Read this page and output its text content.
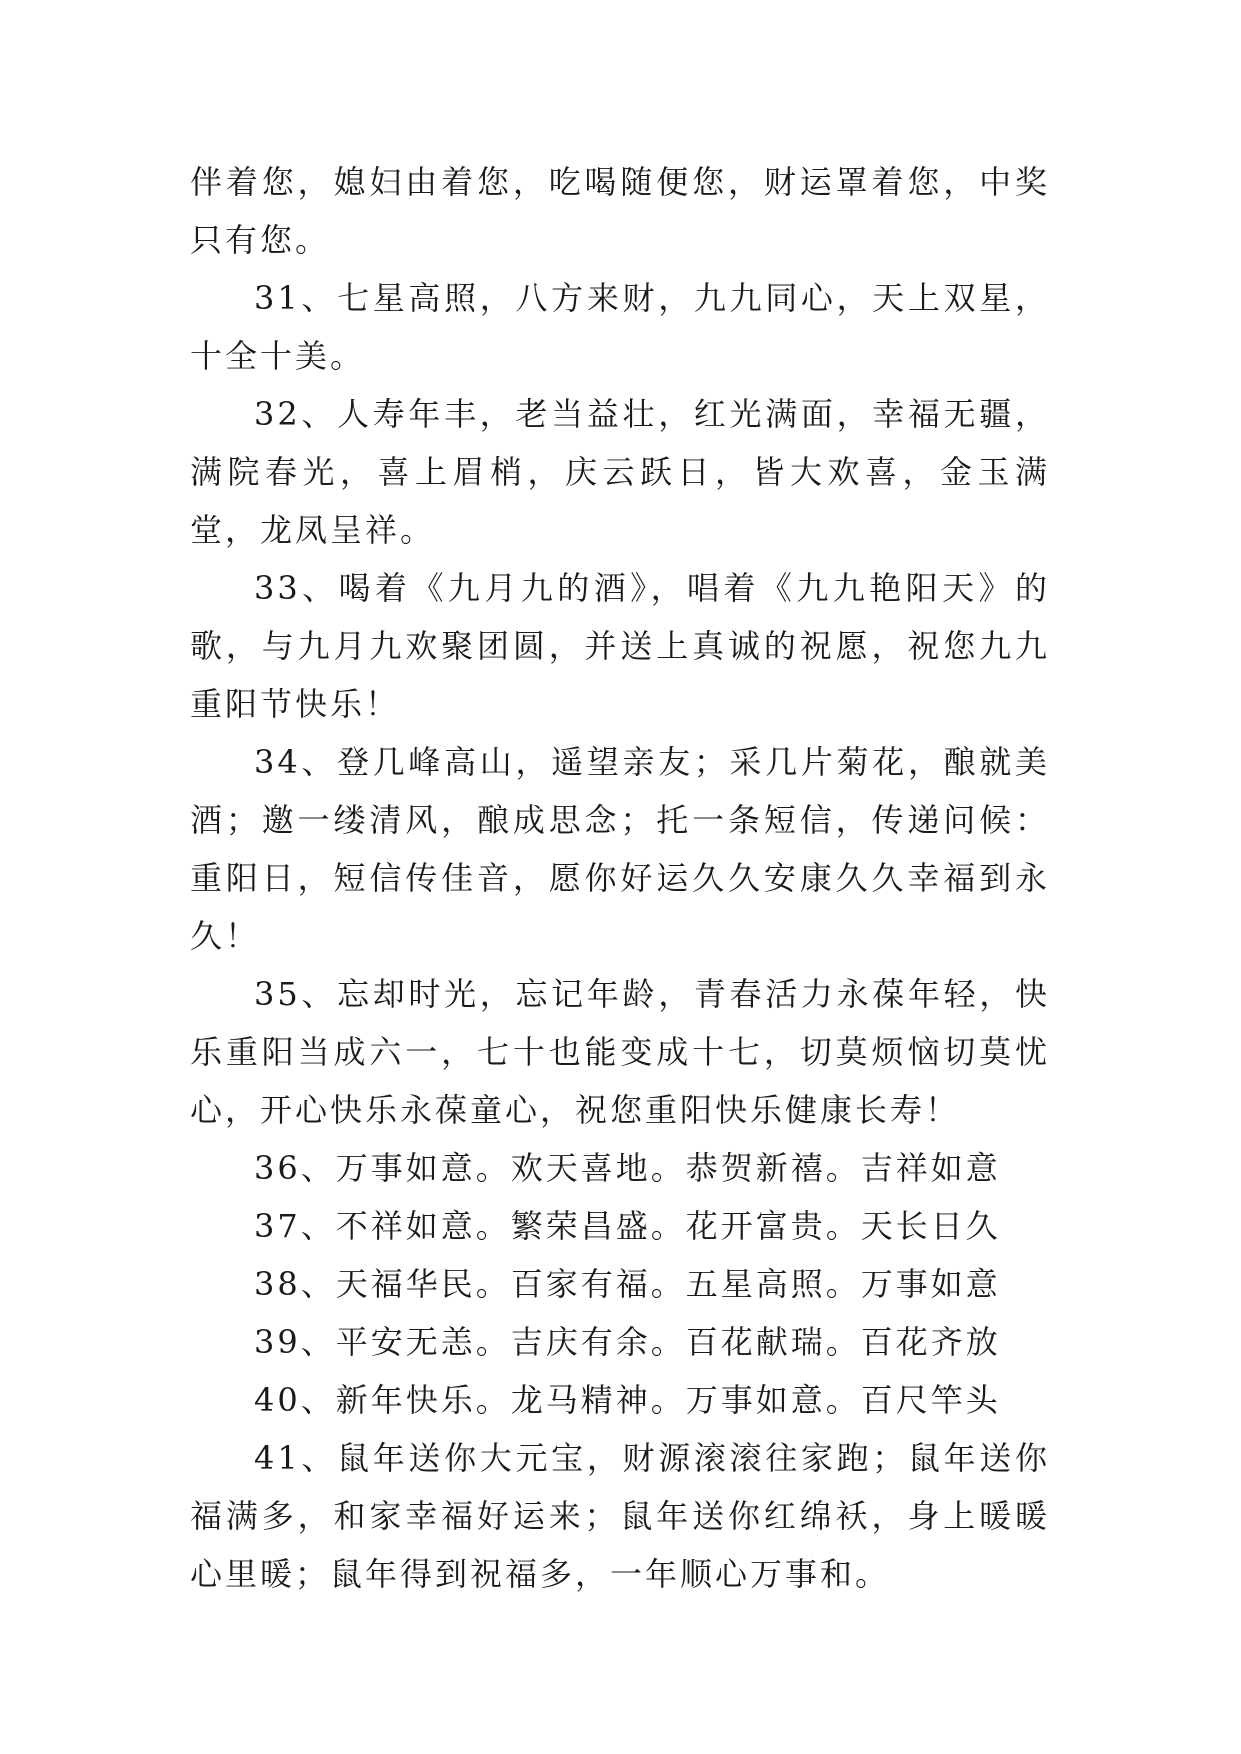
伴着您，媳妇由着您，吃喝随便您，财运罩着您，中奖只有您。

31、七星高照，八方来财，九九同心，天上双星，十全十美。

32、人寿年丰，老当益壮，红光满面，幸福无疆，满院春光，喜上眉梢，庆云跃日，皆大欢喜，金玉满堂，龙凤呈祥。

33、喝着《九月九的酒》，唱着《九九艳阳天》的歌，与九月九欢聚团圆，并送上真诚的祝愿，祝您九九重阳节快乐！

34、登几峰高山，遥望亲友；采几片菊花，酿就美酒；邀一缕清风，酿成思念；托一条短信，传递问候：重阳日，短信传佳音，愿你好运久久安康久久幸福到永久！

35、忘却时光，忘记年龄，青春活力永葆年轻，快乐重阳当成六一，七十也能变成十七，切莫烦恼切莫忧心，开心快乐永葆童心，祝您重阳快乐健康长寿！

36、万事如意。欢天喜地。恭贺新禧。吉祥如意

37、不祥如意。繁荣昌盛。花开富贵。天长日久

38、天福华民。百家有福。五星高照。万事如意

39、平安无恙。吉庆有余。百花献瑞。百花齐放

40、新年快乐。龙马精神。万事如意。百尺竿头

41、鼠年送你大元宝，财源滚滚往家跑；鼠年送你福满多，和家幸福好运来；鼠年送你红绵袄，身上暖暖心里暖；鼠年得到祝福多，一年顺心万事和。
